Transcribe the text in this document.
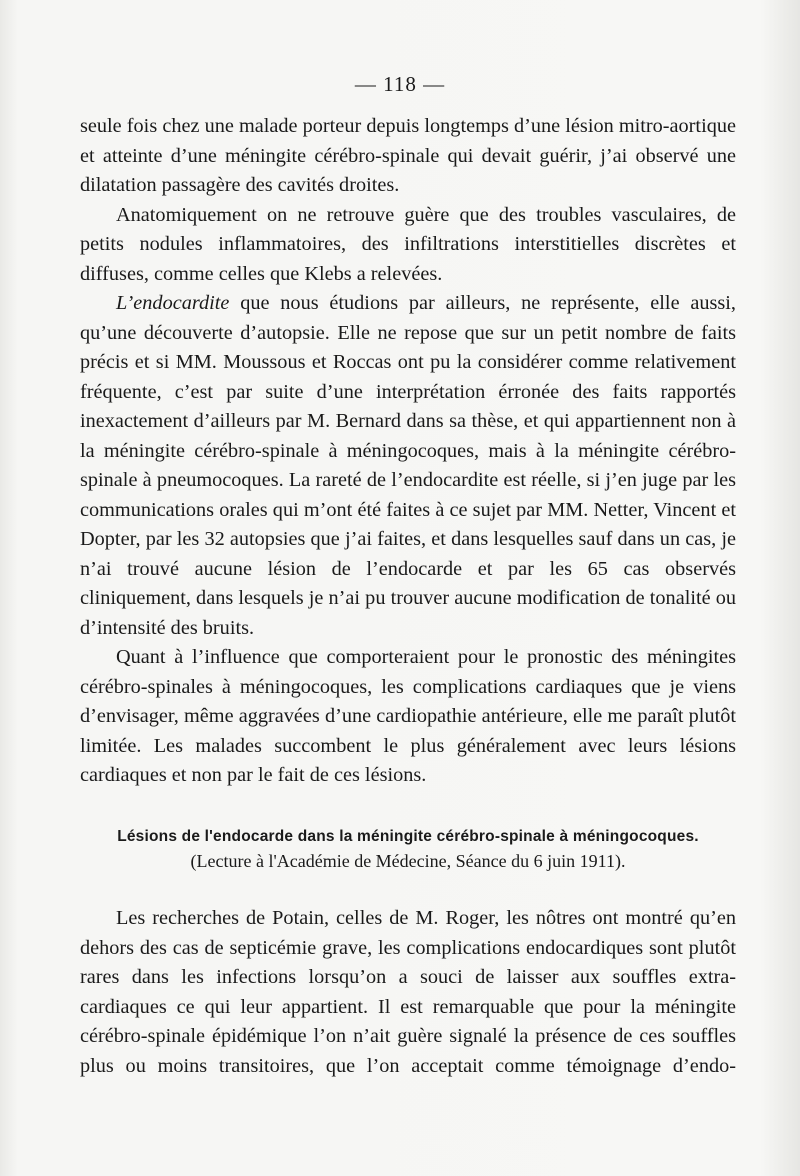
— 118 —

seule fois chez une malade porteur depuis longtemps d’une lésion mitro-aortique et atteinte d’une méningite cérébro-spinale qui devait guérir, j’ai observé une dilatation passagère des cavités droites.

Anatomiquement on ne retrouve guère que des troubles vasculaires, de petits nodules inflammatoires, des infiltrations interstitielles discrètes et diffuses, comme celles que Klebs a relevées.

L’endocardite que nous étudions par ailleurs, ne représente, elle aussi, qu’une découverte d’autopsie. Elle ne repose que sur un petit nombre de faits précis et si MM. Moussous et Roccas ont pu la considérer comme relativement fréquente, c’est par suite d’une interprétation érronée des faits rapportés inexactement d’ailleurs par M. Bernard dans sa thèse, et qui appartiennent non à la méningite cérébro-spinale à méningocoques, mais à la méningite cérébro-spinale à pneumocoques. La rareté de l’endocardite est réelle, si j’en juge par les communications orales qui m’ont été faites à ce sujet par MM. Netter, Vincent et Dopter, par les 32 autopsies que j’ai faites, et dans lesquelles sauf dans un cas, je n’ai trouvé aucune lésion de l’endocarde et par les 65 cas observés cliniquement, dans lesquels je n’ai pu trouver aucune modification de tonalité ou d’intensité des bruits.

Quant à l’influence que comporteraient pour le pronostic des méningites cérébro-spinales à méningocoques, les complications cardiaques que je viens d’envisager, même aggravées d’une cardiopathie antérieure, elle me paraît plutôt limitée. Les malades succombent le plus généralement avec leurs lésions cardiaques et non par le fait de ces lésions.

Lésions de l'endocarde dans la méningite cérébro-spinale à méningocoques.
(Lecture à l'Académie de Médecine, Séance du 6 juin 1911).

Les recherches de Potain, celles de M. Roger, les nôtres ont montré qu’en dehors des cas de septicémie grave, les complications endocardiques sont plutôt rares dans les infections lorsqu’on a souci de laisser aux souffles extra-cardiaques ce qui leur appartient. Il est remarquable que pour la méningite cérébro-spinale épidémique l’on n’ait guère signalé la présence de ces souffles plus ou moins transitoires, que l’on acceptait comme témoignage d’endo-
